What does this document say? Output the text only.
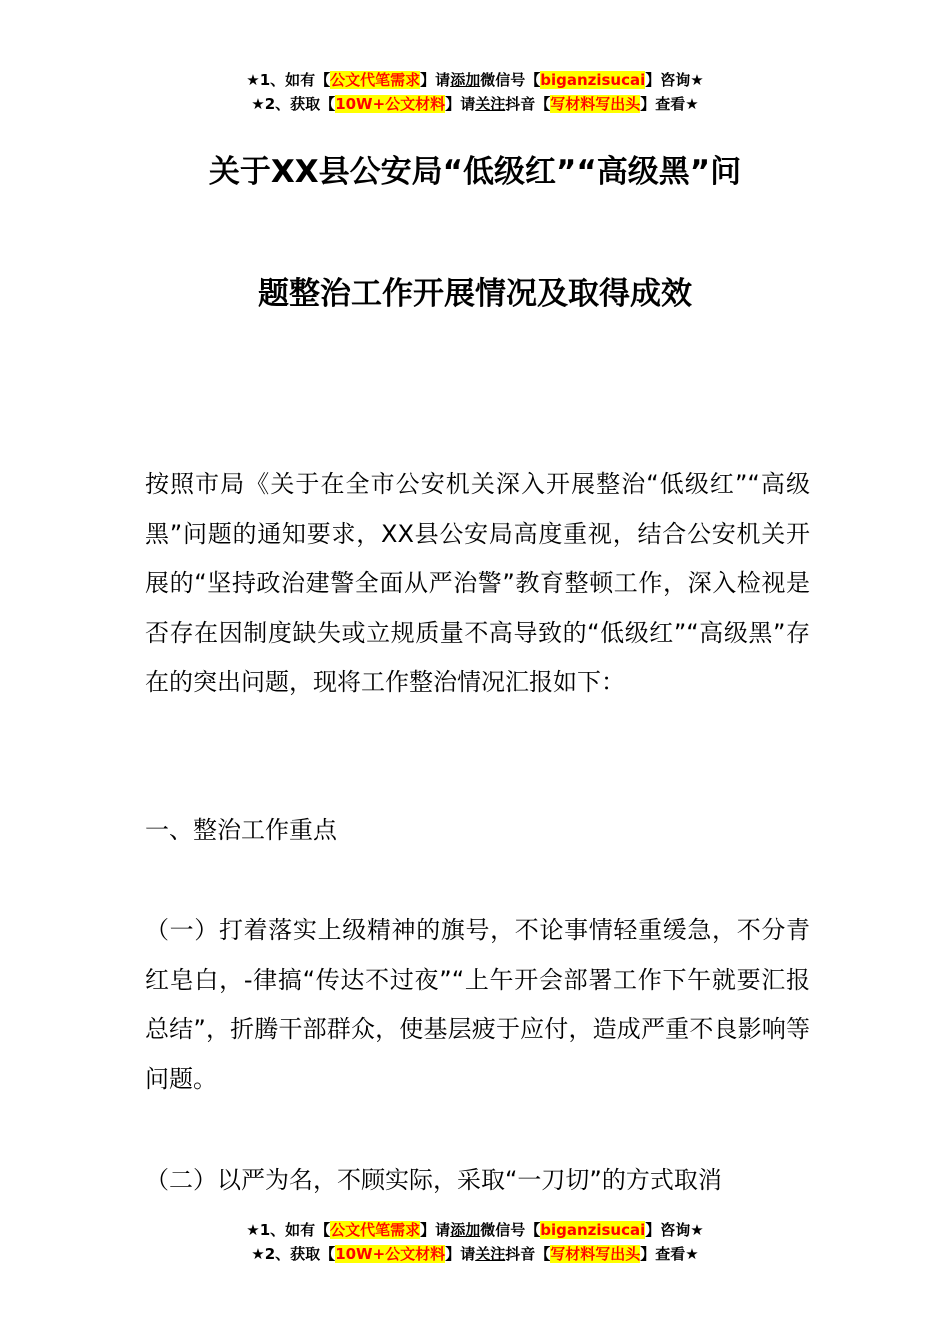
★1、如有【公文代笔需求】请添加微信号【biganzisucai】咨询★
★2、获取【10W+公文材料】请关注抖音【写材料写出头】查看★
关于XX县公安局“低级红”“高级黑”问
题整治工作开展情况及取得成效

按照市局《关于在全市公安机关深入开展整治“低级红”“高级黑”问题的通知要求，XX县公安局高度重视，结合公安机关开展的“坚持政治建警全面从严治警”教育整顿工作，深入检视是否存在因制度缺失或立规质量不高导致的“低级红”“高级黑”存在的突出问题，现将工作整治情况汇报如下：

一、整治工作重点

（一）打着落实上级精神的旗号，不论事情轻重缓急，不分青红皂白，-律搞“传达不过夜”“上午开会部署工作下午就要汇报总结”，折腾干部群众，使基层疲于应付，造成严重不良影响等问题。

（二）以严为名，不顾实际，采取“一刀切”的方式取消

★1、如有【公文代笔需求】请添加微信号【biganzisucai】咨询★
★2、获取【10W+公文材料】请关注抖音【写材料写出头】查看★
